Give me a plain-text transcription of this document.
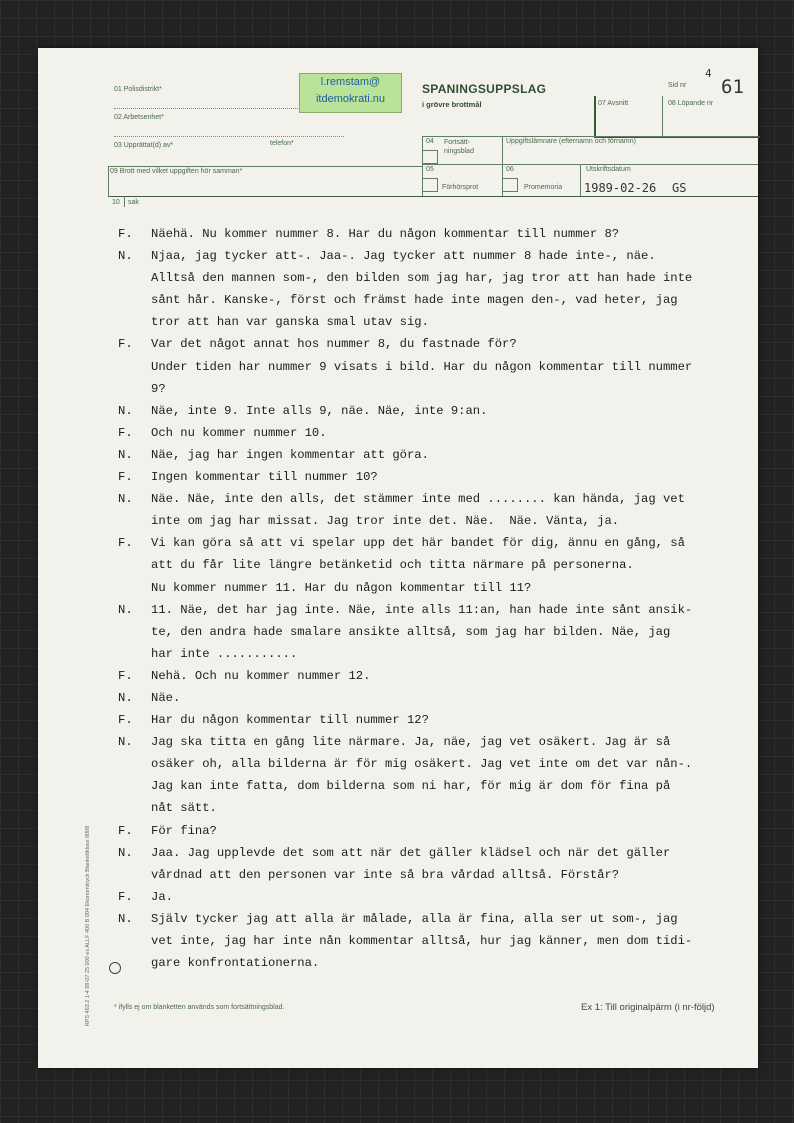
01 Polisdistrikt*
02 Arbetsenhet*
03 Upprättat(d) av*	telefon*
l.remstam@
itdemokrati.nu
SPANINGSUPPSLAG
i grövre brottmål
Sid nr
4
61
07 Avsnitt	08 Löpande nr
04 Fortsätt-
ningsblad
Uppgiftslämnare (efternamn och förnamn)
05
Förhörsprot
06
Promemoria
Utskriftsdatum
1989-02-26 GS
09 Brott med vilket uppgiften hör samman*
10 sak
F.	Näehä. Nu kommer nummer 8. Har du någon kommentar till nummer 8?
N.	Njaa, jag tycker att-. Jaa-. Jag tycker att nummer 8 hade inte-, näe.
Alltså den mannen som-, den bilden som jag har, jag tror att han hade inte
sånt hår. Kanske-, först och främst hade inte magen den-, vad heter, jag
tror att han var ganska smal utav sig.
F.	Var det något annat hos nummer 8, du fastnade för?
Under tiden har nummer 9 visats i bild. Har du någon kommentar till nummer
9?
N.	Näe, inte 9. Inte alls 9, näe. Näe, inte 9:an.
F.	Och nu kommer nummer 10.
N.	Näe, jag har ingen kommentar att göra.
F.	Ingen kommentar till nummer 10?
N.	Näe. Näe, inte den alls, det stämmer inte med ........ kan hända, jag vet
inte om jag har missat. Jag tror inte det. Näe.  Näe. Vänta, ja.
F.	Vi kan göra så att vi spelar upp det här bandet för dig, ännu en gång, så
att du får lite längre betänketid och titta närmare på personerna.
Nu kommer nummer 11. Har du någon kommentar till 11?
N.	11. Näe, det har jag inte. Näe, inte alls 11:an, han hade inte sånt ansik-
te, den andra hade smalare ansikte alltså, som jag har bilden. Näe, jag
har inte ...........
F.	Nehä. Och nu kommer nummer 12.
N.	Näe.
F.	Har du någon kommentar till nummer 12?
N.	Jag ska titta en gång lite närmare. Ja, näe, jag vet osäkert. Jag är så
osäker oh, alla bilderna är för mig osäkert. Jag vet inte om det var nån-.
Jag kan inte fatta, dom bilderna som ni har, för mig är dom för fina på
nåt sätt.
F.	För fina?
N.	Jaa. Jag upplevde det som att när det gäller klädsel och när det gäller
vårdnad att den personen var inte så bra vårdad alltså. Förstår?
F.	Ja.
N.	Själv tycker jag att alla är målade, alla är fina, alla ser ut som-, jag
vet inte, jag har inte nån kommentar alltså, hur jag känner, men dom tidi-
gare konfrontationerna.
RPS 463.2 1-4 88-07 25 000 ex ALLF 400 B 004 Ekonomitryck Blankettkloss 8008	* ifylls ej om blanketten används som fortsättningsblad.	Ex 1: Till originalpärm (i nr-följd)
